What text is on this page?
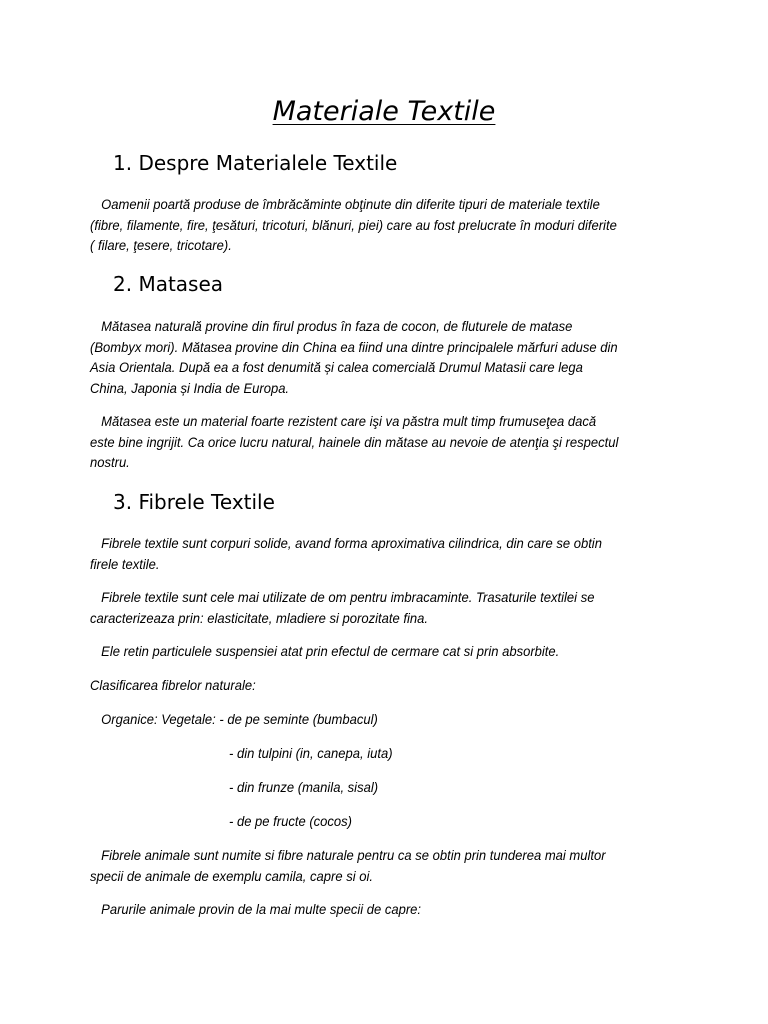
Materiale Textile
1. Despre Materialele Textile

Oamenii poartă produse de îmbrăcăminte obţinute din diferite tipuri de materiale textile
(fibre, filamente, fire, ţesături, tricoturi, blănuri, piei) care au fost prelucrate în moduri diferite
( filare, ţesere, tricotare).

2. Matasea

Mătasea naturală provine din firul produs în faza de cocon, de fluturele de matase
(Bombyx mori). Mătasea provine din China ea fiind una dintre principalele mărfuri aduse din
Asia Orientala. După ea a fost denumită și calea comercială Drumul Matasii care lega
China, Japonia și India de Europa.

Mătasea este un material foarte rezistent care işi va păstra mult timp frumuseţea dacă
este bine ingrijit. Ca orice lucru natural, hainele din mătase au nevoie de atenţia şi respectul
nostru.

3. Fibrele Textile

Fibrele textile sunt corpuri solide, avand forma aproximativa cilindrica, din care se obtin
firele textile.

Fibrele textile sunt cele mai utilizate de om pentru imbracaminte. Trasaturile textilei se
caracterizeaza prin: elasticitate, mladiere si porozitate fina.

Ele retin particulele suspensiei atat prin efectul de cermare cat si prin absorbite.

Clasificarea fibrelor naturale:

Organice: Vegetale: - de pe seminte (bumbacul)

- din tulpini (in, canepa, iuta)

- din frunze (manila, sisal)

- de pe fructe (cocos)

Fibrele animale sunt numite si fibre naturale pentru ca se obtin prin tunderea mai multor
specii de animale de exemplu camila, capre si oi.

Parurile animale provin de la mai multe specii de capre:
